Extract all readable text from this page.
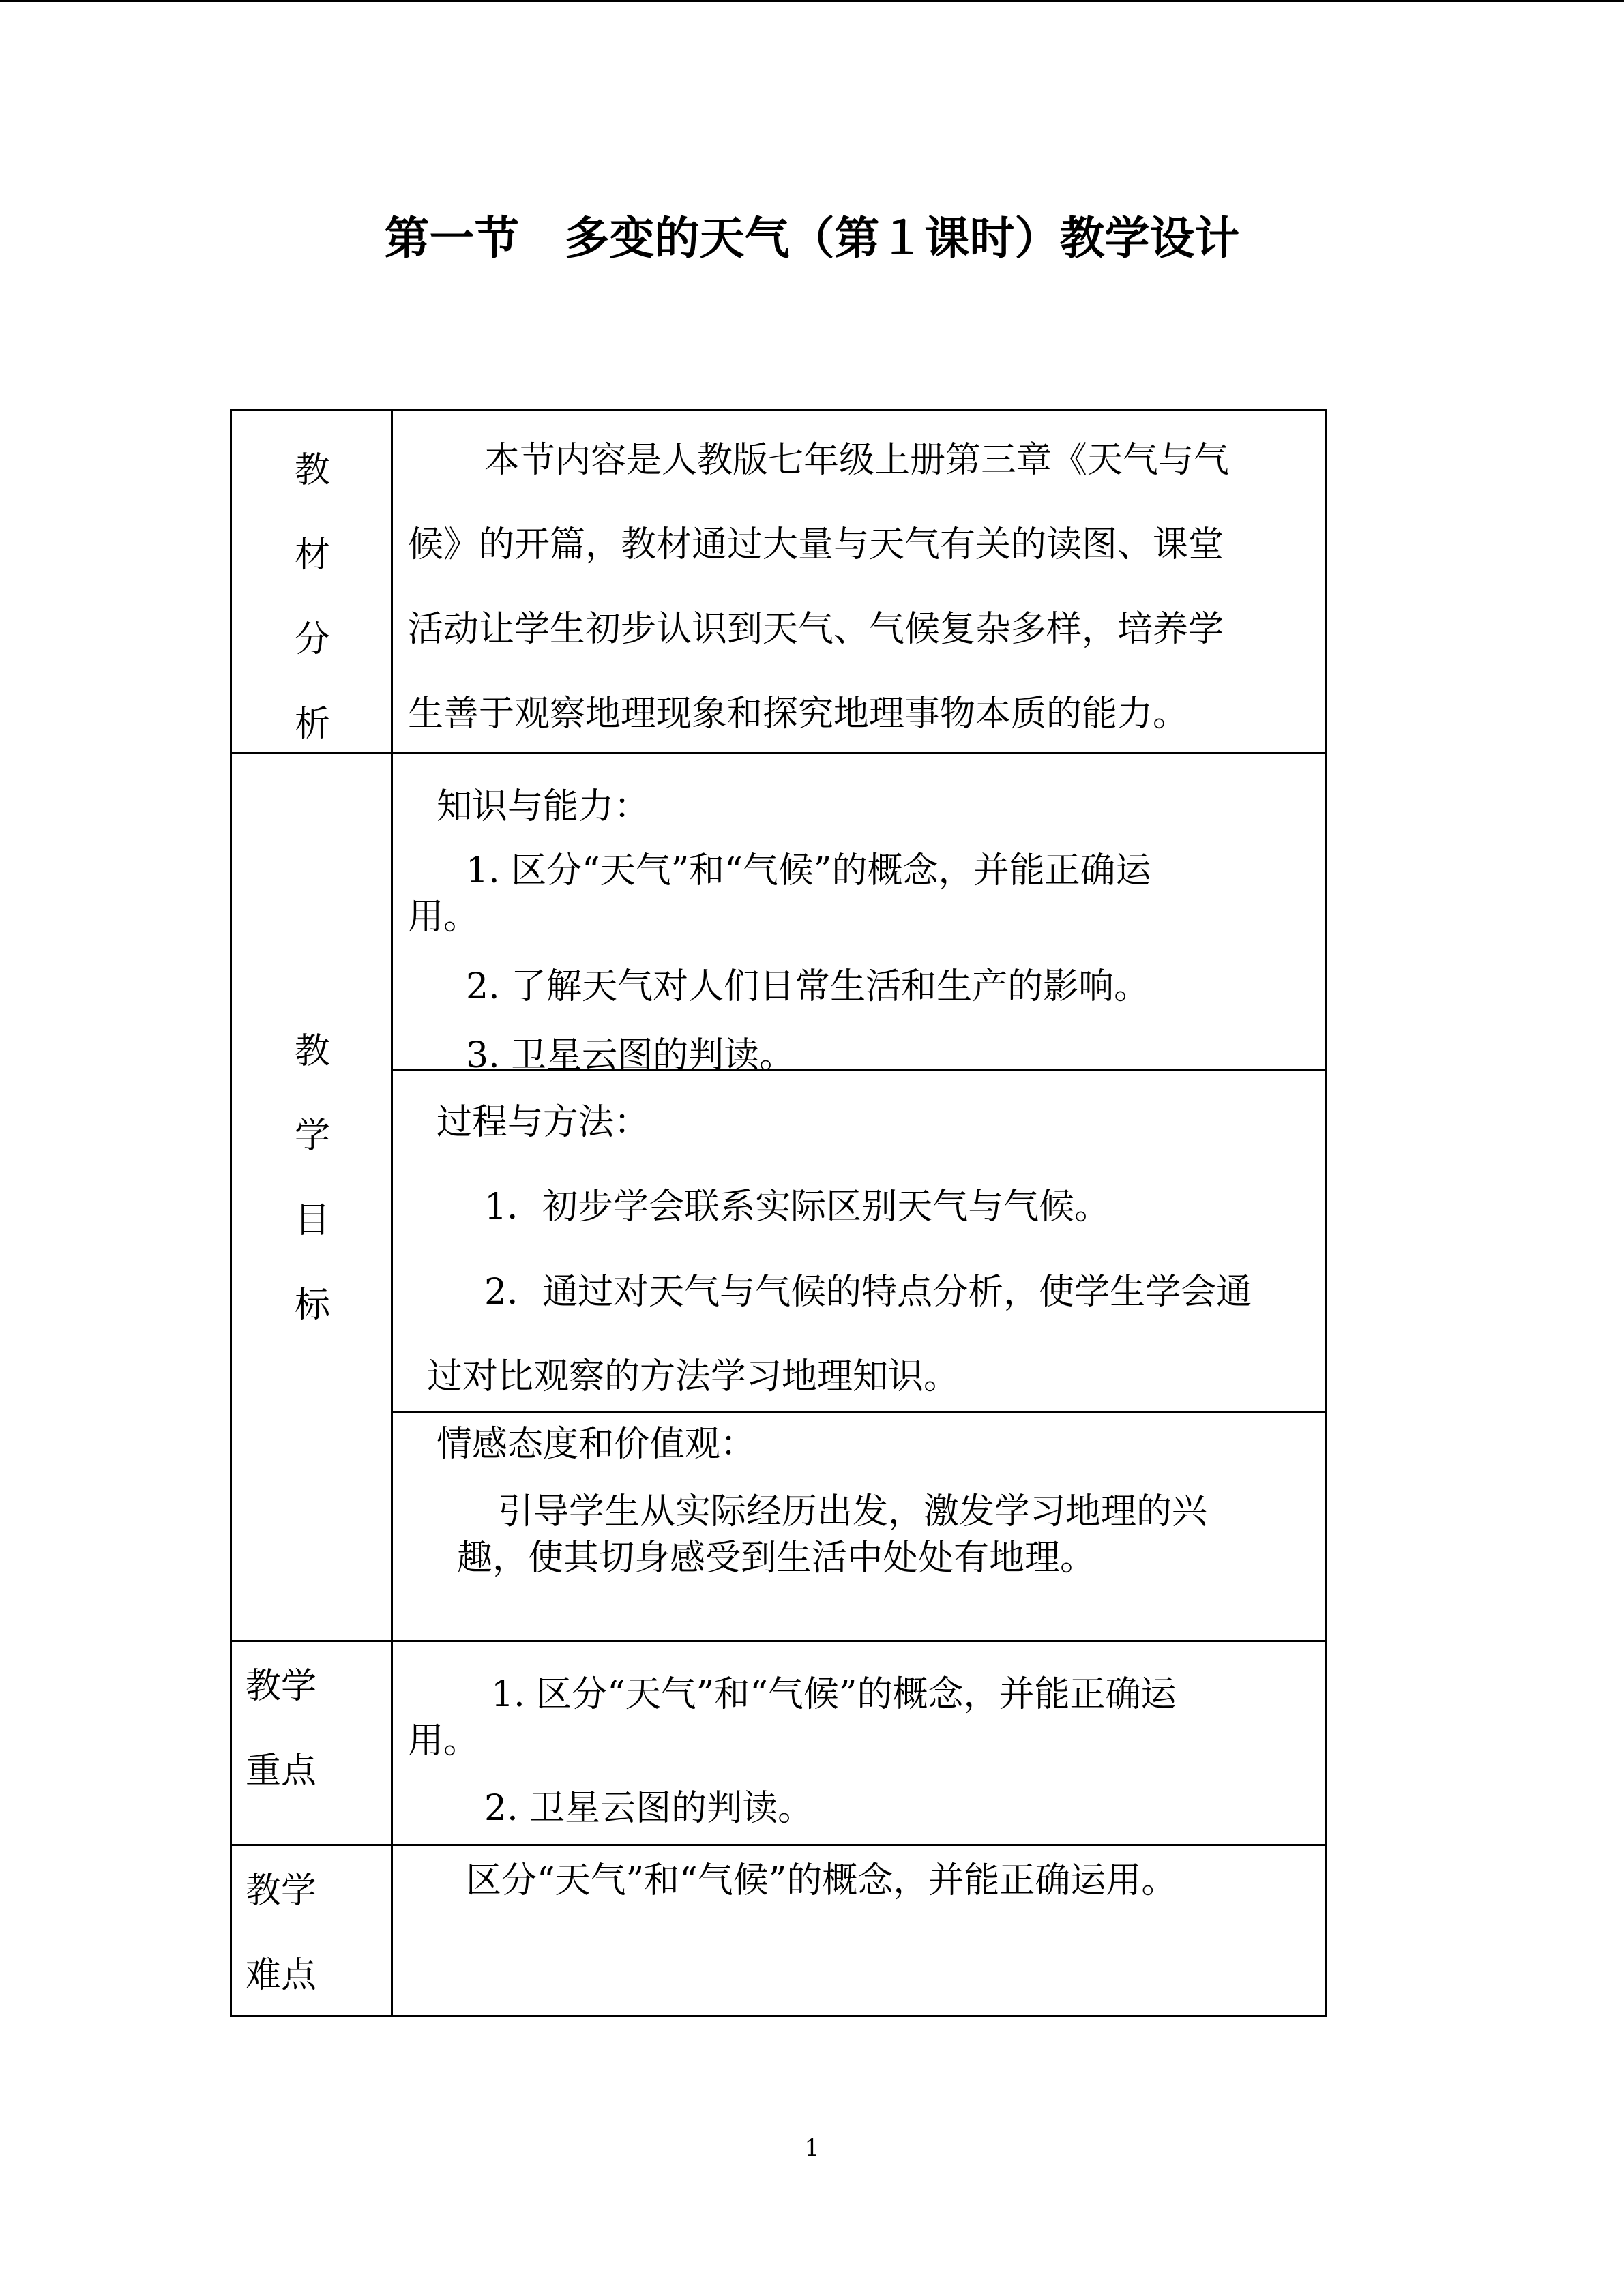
第一节　多变的天气（第１课时）教学设计
教
材
分
析
本节内容是人教版七年级上册第三章《天气与气
候》的开篇，教材通过大量与天气有关的读图、课堂
活动让学生初步认识到天气、气候复杂多样，培养学
生善于观察地理现象和探究地理事物本质的能力。
教
学
目
标
知识与能力：
1. 区分“天气”和“气候”的概念，并能正确运
用。
2. 了解天气对人们日常生活和生产的影响。
3. 卫星云图的判读。
过程与方法：
1．初步学会联系实际区别天气与气候。
2．通过对天气与气候的特点分析，使学生学会通
过对比观察的方法学习地理知识。
情感态度和价值观：
引导学生从实际经历出发，激发学习地理的兴
趣，使其切身感受到生活中处处有地理。
教学
重点
1. 区分“天气”和“气候”的概念，并能正确运
用。
2. 卫星云图的判读。
教学
难点
区分“天气”和“气候”的概念，并能正确运用。
1
